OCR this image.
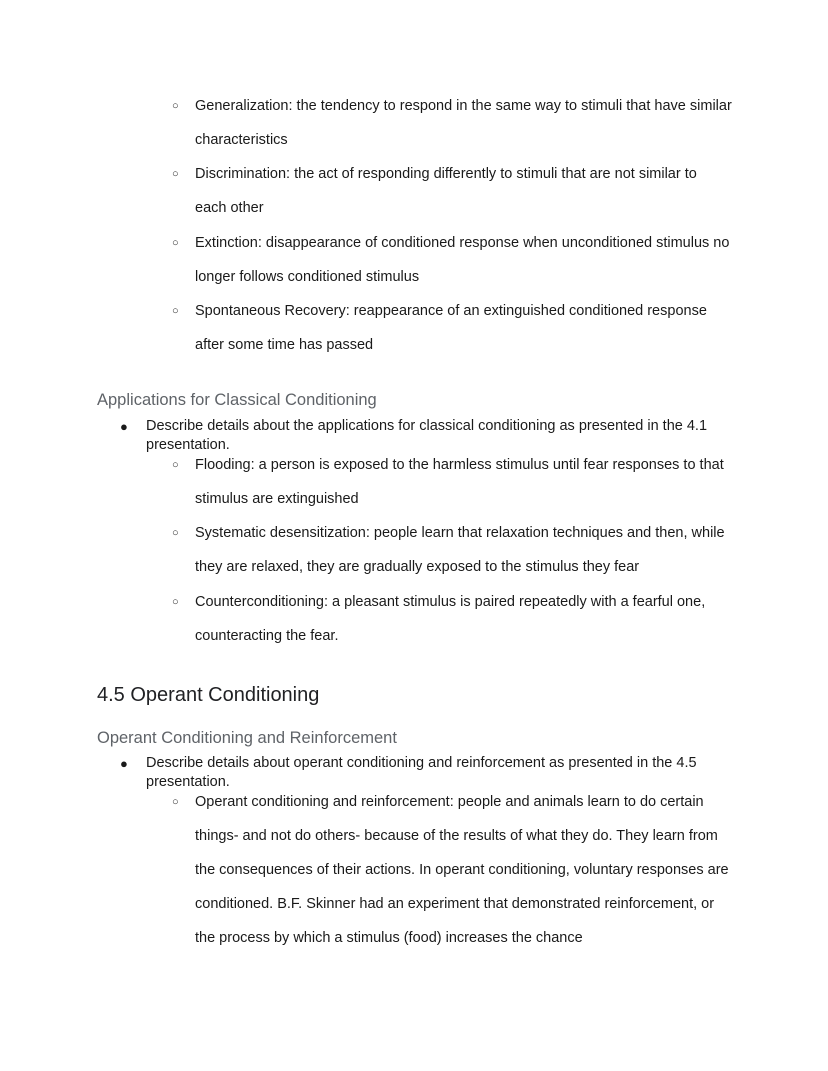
○	Generalization: the tendency to respond in the same way to stimuli that have similar characteristics
○	Discrimination: the act of responding differently to stimuli that are not similar to each other
○	Extinction: disappearance of conditioned response when unconditioned stimulus no longer follows conditioned stimulus
○	Spontaneous Recovery: reappearance of an extinguished conditioned response after some time has passed
Applications for Classical Conditioning
● Describe details about the applications for classical conditioning as presented in the 4.1 presentation.
○	Flooding: a person is exposed to the harmless stimulus until fear responses to that stimulus are extinguished
○	Systematic desensitization: people learn that relaxation techniques and then, while they are relaxed, they are gradually exposed to the stimulus they fear
○	Counterconditioning: a pleasant stimulus is paired repeatedly with a fearful one, counteracting the fear.
4.5 Operant Conditioning
Operant Conditioning and Reinforcement
● Describe details about operant conditioning and reinforcement as presented in the 4.5 presentation.
○	Operant conditioning and reinforcement: people and animals learn to do certain things- and not do others- because of the results of what they do. They learn from the consequences of their actions. In operant conditioning, voluntary responses are conditioned. B.F. Skinner had an experiment that demonstrated reinforcement, or the process by which a stimulus (food) increases the chance
